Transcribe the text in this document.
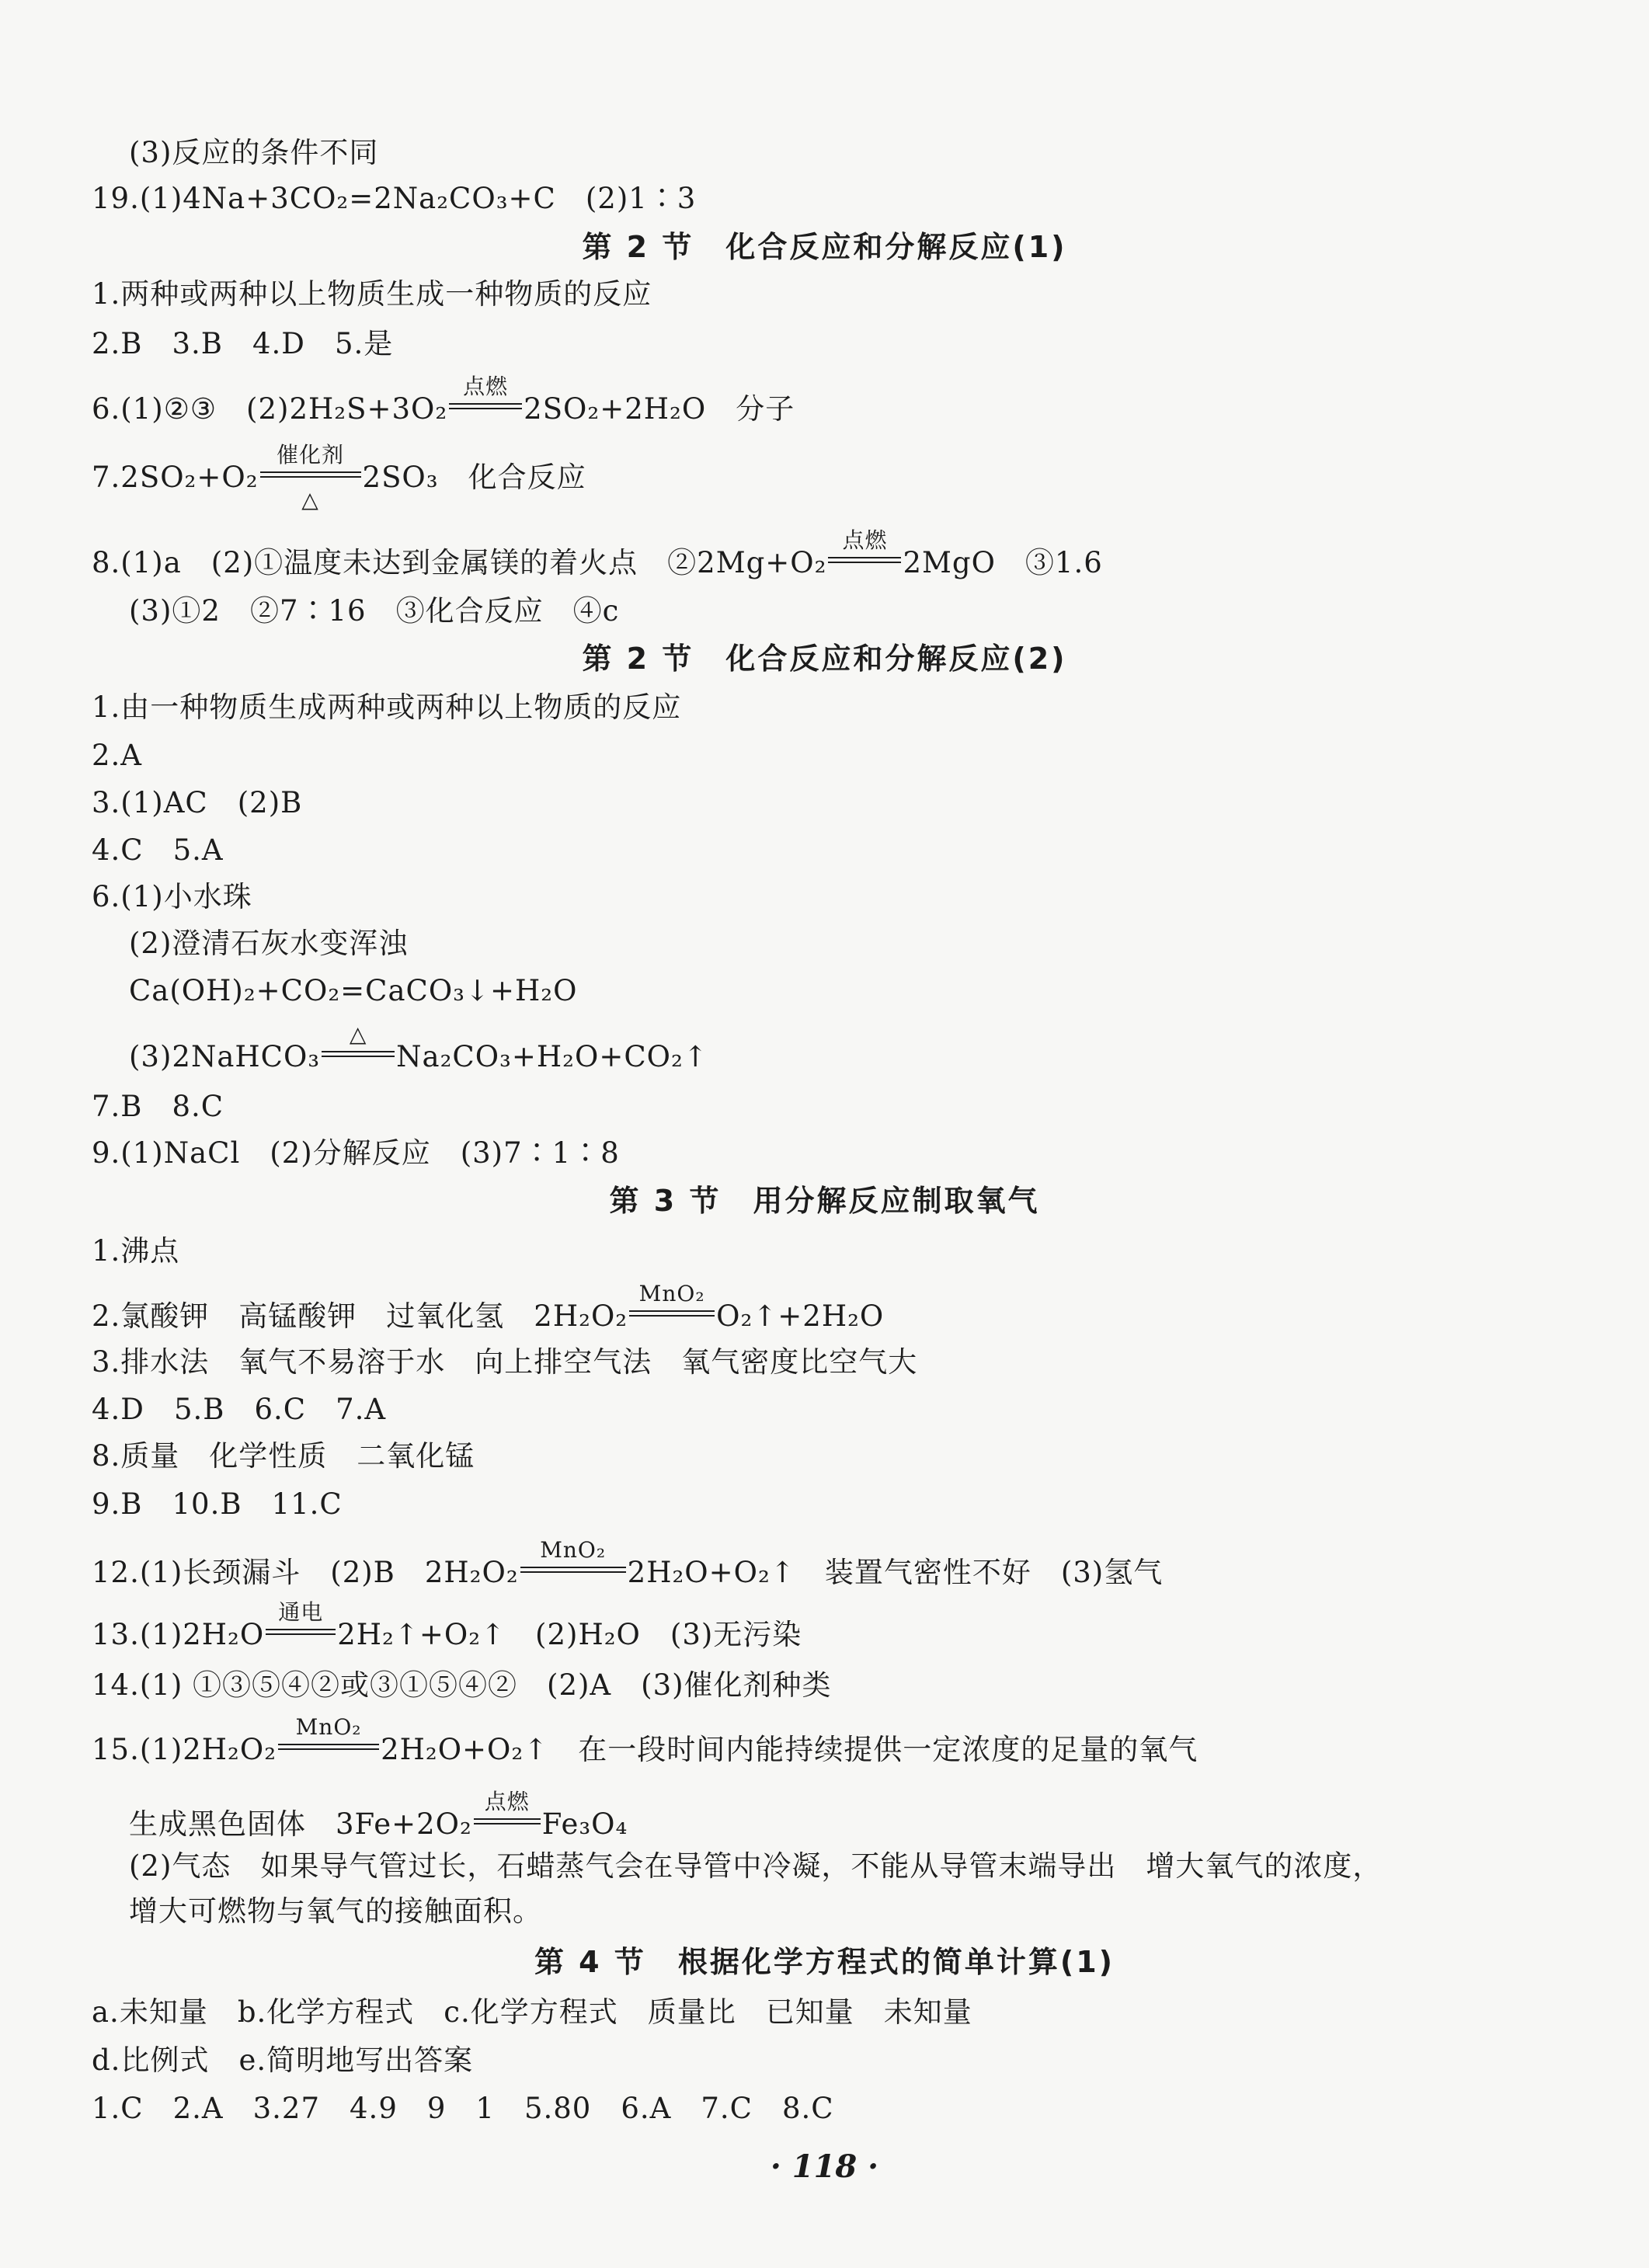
(3)反应的条件不同
19.(1)4Na+3CO₂=2Na₂CO₃+C　(2)1∶3
第 2 节　化合反应和分解反应(1)
1.两种或两种以上物质生成一种物质的反应
2.B　3.B　4.D　5.是
6.(1)②③　(2)2H₂S+3O₂
点燃
2SO₂+2H₂O　分子
7.2SO₂+O₂
催化剂
△
2SO₃　化合反应
8.(1)a　(2)①温度未达到金属镁的着火点　②2Mg+O₂
点燃
2MgO　③1.6
(3)①2　②7∶16　③化合反应　④c
第 2 节　化合反应和分解反应(2)
1.由一种物质生成两种或两种以上物质的反应
2.A
3.(1)AC　(2)B
4.C　5.A
6.(1)小水珠
(2)澄清石灰水变浑浊
Ca(OH)₂+CO₂=CaCO₃↓+H₂O
(3)2NaHCO₃
△
Na₂CO₃+H₂O+CO₂↑
7.B　8.C
9.(1)NaCl　(2)分解反应　(3)7∶1∶8
第 3 节　用分解反应制取氧气
1.沸点
2.氯酸钾　高锰酸钾　过氧化氢　2H₂O₂
MnO₂
O₂↑+2H₂O
3.排水法　氧气不易溶于水　向上排空气法　氧气密度比空气大
4.D　5.B　6.C　7.A
8.质量　化学性质　二氧化锰
9.B　10.B　11.C
12.(1)长颈漏斗　(2)B　2H₂O₂
MnO₂
2H₂O+O₂↑　装置气密性不好　(3)氢气
13.(1)2H₂O
通电
2H₂↑+O₂↑　(2)H₂O　(3)无污染
14.(1) ①③⑤④②或③①⑤④②　(2)A　(3)催化剂种类
15.(1)2H₂O₂
MnO₂
2H₂O+O₂↑　在一段时间内能持续提供一定浓度的足量的氧气
生成黑色固体　3Fe+2O₂
点燃
Fe₃O₄
(2)气态　如果导气管过长，石蜡蒸气会在导管中冷凝，不能从导管末端导出　增大氧气的浓度，
增大可燃物与氧气的接触面积。
第 4 节　根据化学方程式的简单计算(1)
a.未知量　b.化学方程式　c.化学方程式　质量比　已知量　未知量
d.比例式　e.简明地写出答案
1.C　2.A　3.27　4.9　9　1　5.80　6.A　7.C　8.C
· 118 ·
